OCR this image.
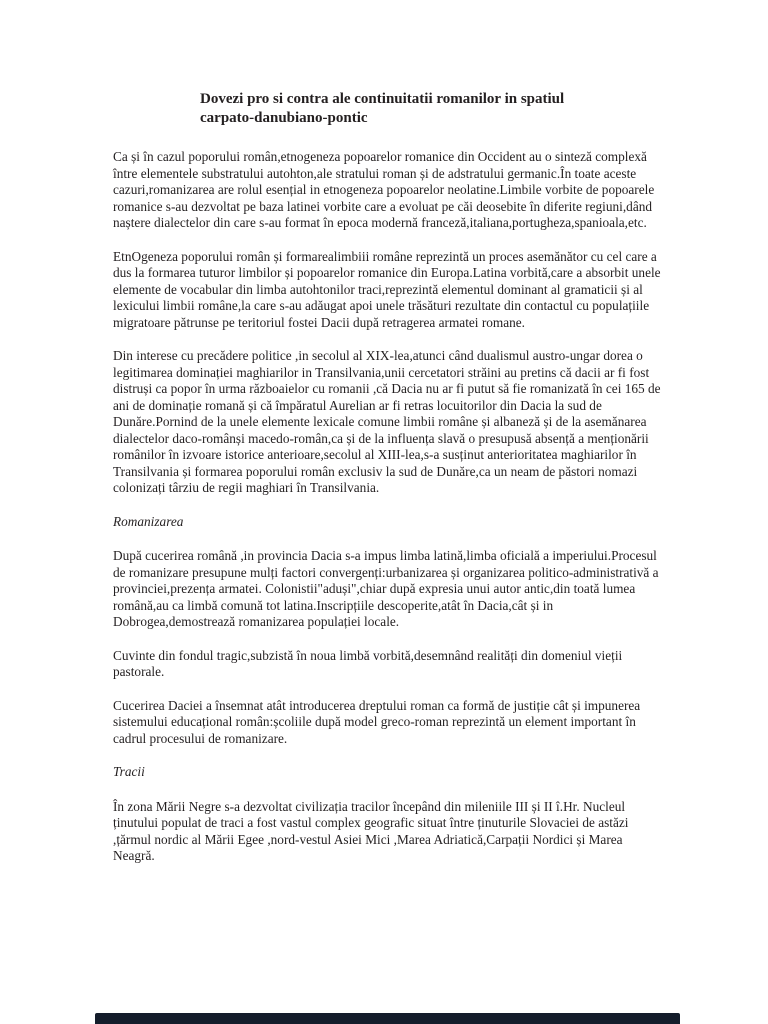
Dovezi pro si contra ale continuitatii romanilor in spatiul
carpato-danubiano-pontic

Ca și în cazul poporului român,etnogeneza popoarelor romanice din Occident au o sinteză complexă între elementele substratului autohton,ale stratului roman și de adstratului germanic.În toate aceste cazuri,romanizarea are rolul esențial in etnogeneza popoarelor neolatine.Limbile vorbite de popoarele romanice s-au dezvoltat pe baza latinei vorbite care a evoluat pe căi deosebite în diferite regiuni,dând naștere dialectelor din care s-au format în epoca modernă franceză,italiana,portugheza,spanioala,etc.

EtnOgeneza poporului român și formarealimbiii române reprezintă un proces asemănător cu cel care a dus la formarea tuturor limbilor și popoarelor romanice din Europa.Latina vorbită,care a absorbit unele elemente de vocabular din limba autohtonilor traci,reprezintă elementul dominant al gramaticii și al lexicului limbii române,la care s-au adăugat apoi unele trăsături rezultate din contactul cu populațiile migratoare pătrunse pe teritoriul fostei Dacii după retragerea armatei romane.

Din interese cu precădere politice ,in secolul al XIX-lea,atunci când dualismul austro-ungar dorea o legitimarea dominației maghiarilor in Transilvania,unii cercetatori străini au pretins că dacii ar fi fost distruși ca popor în urma războaielor cu romanii ,că Dacia nu ar fi putut să fie romanizată în cei 165 de ani de dominație romană și că împăratul Aurelian ar fi retras locuitorilor din Dacia la sud de Dunăre.Pornind de la unele elemente lexicale comune limbii române și albaneză și de la asemănarea dialectelor daco-românși macedo-român,ca și de la influența slavă o presupusă absență a menționării românilor în izvoare istorice anterioare,secolul al XIII-lea,s-a susținut anterioritatea maghiarilor în Transilvania și formarea poporului român exclusiv la sud de Dunăre,ca un neam de păstori nomazi colonizați târziu de regii maghiari în Transilvania.

Romanizarea

După cucerirea română ,in provincia Dacia s-a impus limba latină,limba oficială a imperiului.Procesul de romanizare presupune mulți factori convergenți:urbanizarea și organizarea politico-administrativă a provinciei,prezența armatei. Colonistii"aduși",chiar după expresia unui autor antic,din toată lumea română,au ca limbă comună tot latina.Inscripțiile descoperite,atât în Dacia,cât și in Dobrogea,demostrează romanizarea populației locale.

Cuvinte din fondul tragic,subzistă în noua limbă vorbită,desemnând realități din domeniul vieții pastorale.

Cucerirea Daciei a însemnat atât introducerea dreptului roman ca formă de justiție cât și impunerea sistemului educațional român:școliile după model greco-roman reprezintă un element important în cadrul procesului de romanizare.

Tracii

În zona Mării Negre s-a dezvoltat civilizația tracilor începând din mileniile III și II î.Hr. Nucleul ținutului populat de traci a fost vastul complex geografic situat între ținuturile Slovaciei de astăzi ,țărmul nordic al Mării Egee ,nord-vestul Asiei Mici ,Marea Adriatică,Carpații Nordici și Marea Neagră.
